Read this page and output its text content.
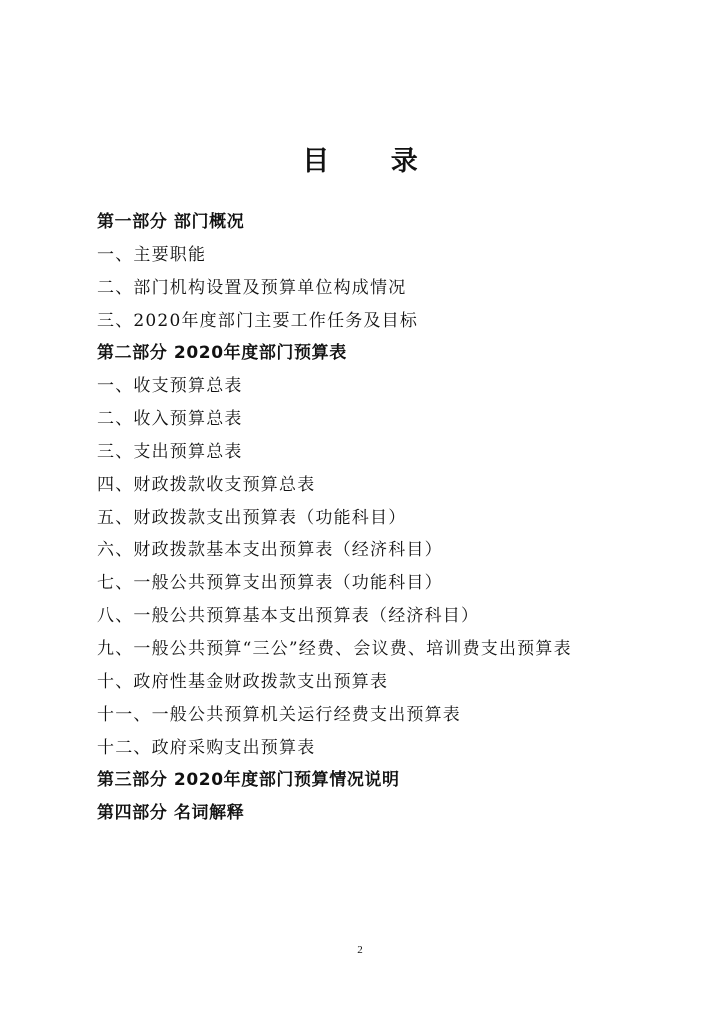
目 录
第一部分 部门概况
一、主要职能
二、部门机构设置及预算单位构成情况
三、2020年度部门主要工作任务及目标
第二部分 2020年度部门预算表
一、收支预算总表
二、收入预算总表
三、支出预算总表
四、财政拨款收支预算总表
五、财政拨款支出预算表（功能科目）
六、财政拨款基本支出预算表（经济科目）
七、一般公共预算支出预算表（功能科目）
八、一般公共预算基本支出预算表（经济科目）
九、一般公共预算“三公”经费、会议费、培训费支出预算表
十、政府性基金财政拨款支出预算表
十一、一般公共预算机关运行经费支出预算表
十二、政府采购支出预算表
第三部分 2020年度部门预算情况说明
第四部分 名词解释
2
